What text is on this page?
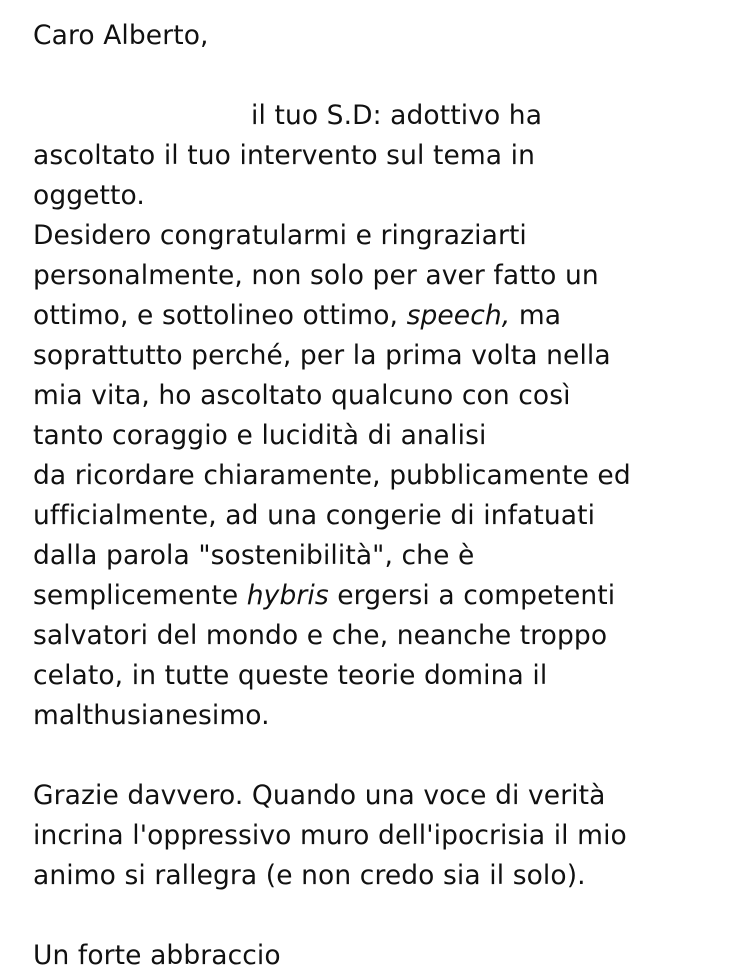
Caro Alberto,
il tuo S.D: adottivo ha
ascoltato il tuo intervento sul tema in
oggetto.
Desidero congratularmi e ringraziarti
personalmente, non solo per aver fatto un
ottimo, e sottolineo ottimo, speech, ma
soprattutto perché, per la prima volta nella
mia vita, ho ascoltato qualcuno con così
tanto coraggio e lucidità di analisi
da ricordare chiaramente, pubblicamente ed
ufficialmente, ad una congerie di infatuati
dalla parola "sostenibilità", che è
semplicemente hybris ergersi a competenti
salvatori del mondo e che, neanche troppo
celato, in tutte queste teorie domina il
malthusianesimo.
Grazie davvero. Quando una voce di verità
incrina l'oppressivo muro dell'ipocrisia il mio
animo si rallegra (e non credo sia il solo).
Un forte abbraccio
